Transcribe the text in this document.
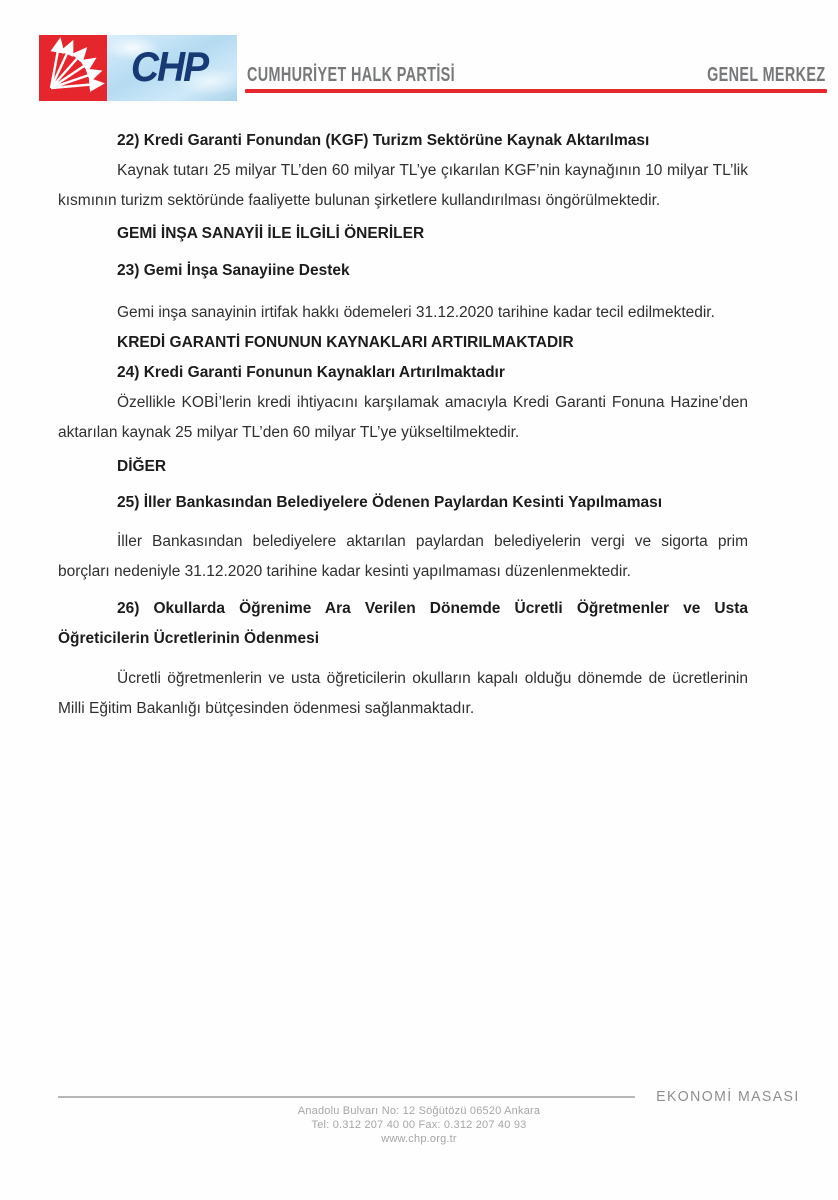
CHP	CUMHURİYET HALK PARTİSİ	GENEL MERKEZ
22) Kredi Garanti Fonundan (KGF) Turizm Sektörüne Kaynak Aktarılması
Kaynak tutarı 25 milyar TL’den 60 milyar TL’ye çıkarılan KGF’nin kaynağının 10 milyar TL’lik kısmının turizm sektöründe faaliyette bulunan şirketlere kullandırılması öngörülmektedir.
GEMİ İNŞA SANAYİİ İLE İLGİLİ ÖNERİLER
23) Gemi İnşa Sanayiine Destek
Gemi inşa sanayinin irtifak hakkı ödemeleri 31.12.2020 tarihine kadar tecil edilmektedir.
KREDİ GARANTİ FONUNUN KAYNAKLARI ARTIRILMAKTADIR
24) Kredi Garanti Fonunun Kaynakları Artırılmaktadır
Özellikle KOBİ’lerin kredi ihtiyacını karşılamak amacıyla Kredi Garanti Fonuna Hazine’den aktarılan kaynak 25 milyar TL’den 60 milyar TL’ye yükseltilmektedir.
DİĞER
25) İller Bankasından Belediyelere Ödenen Paylardan Kesinti Yapılmaması
İller Bankasından belediyelere aktarılan paylardan belediyelerin vergi ve sigorta prim borçları nedeniyle 31.12.2020 tarihine kadar kesinti yapılmaması düzenlenmektedir.
26) Okullarda Öğrenime Ara Verilen Dönemde Ücretli Öğretmenler ve Usta Öğreticilerin Ücretlerinin Ödenmesi
Ücretli öğretmenlerin ve usta öğreticilerin okulların kapalı olduğu dönemde de ücretlerinin Milli Eğitim Bakanlığı bütçesinden ödenmesi sağlanmaktadır.
EKONOMİ MASASI
Anadolu Bulvarı No: 12 Söğütözü 06520 Ankara
Tel: 0.312 207 40 00 Fax: 0.312 207 40 93
www.chp.org.tr
